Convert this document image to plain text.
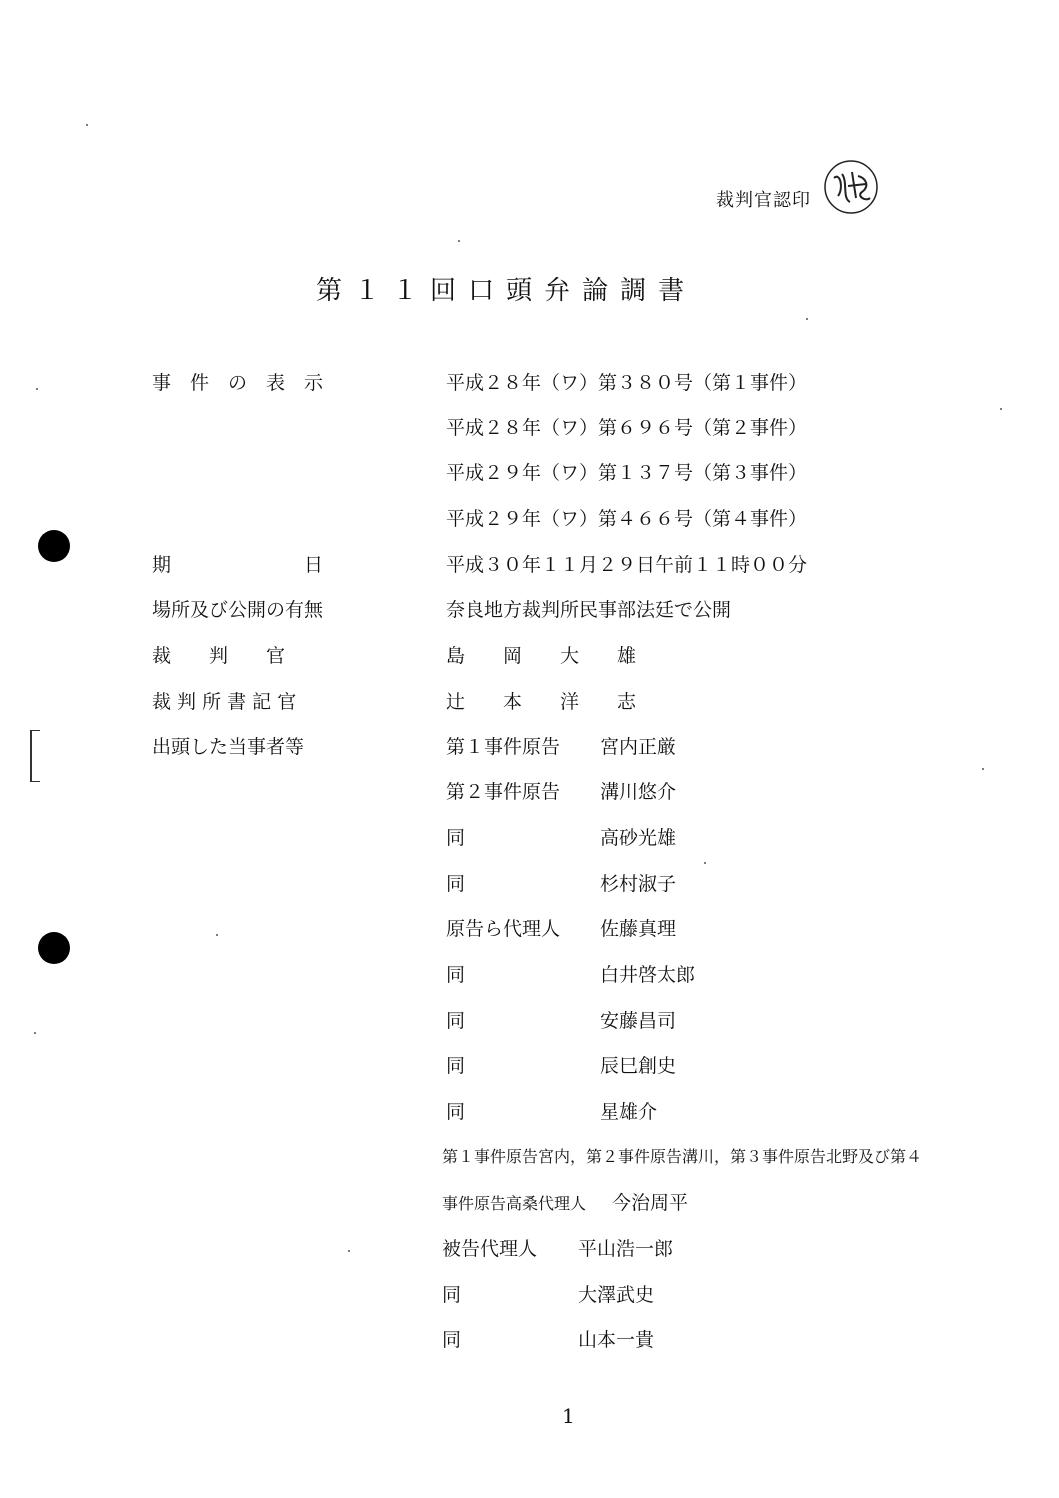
裁判官認印
第 １ １ 回 口 頭 弁 論 調 書
事　件　の　表　示	平成２８年（ワ）第３８０号（第１事件）
平成２８年（ワ）第６９６号（第２事件）
平成２９年（ワ）第１３７号（第３事件）
平成２９年（ワ）第４６６号（第４事件）
期　　　　　　　日	平成３０年１１月２９日午前１１時００分
場所及び公開の有無	奈良地方裁判所民事部法廷で公開
裁　　判　　官	島　　岡　　大　　雄
裁 判 所 書 記 官	辻　　本　　洋　　志
出頭した当事者等	第１事件原告 宮内正厳
第２事件原告 溝川悠介
同	高砂光雄
同	杉村淑子
原告ら代理人 佐藤真理
同	白井啓太郎
同	安藤昌司
同	辰巳創史
同	星雄介
第１事件原告宮内，第２事件原告溝川，第３事件原告北野及び第４
事件原告高桑代理人 今治周平
被告代理人 平山浩一郎
同	大澤武史
同	山本一貴
1
